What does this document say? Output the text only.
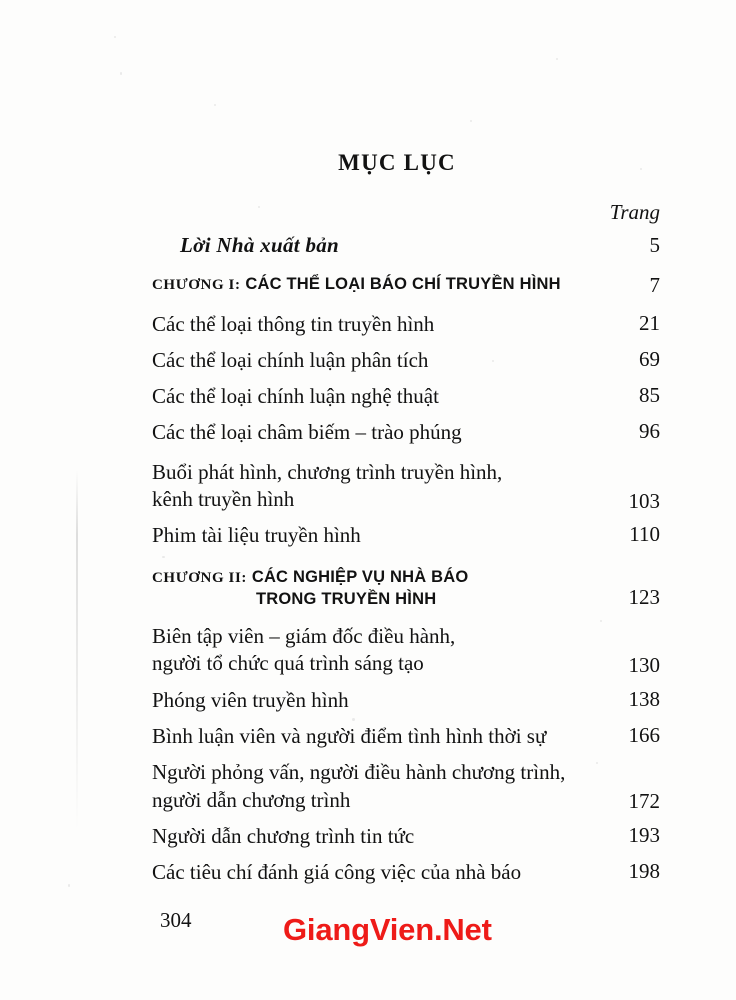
MỤC LỤC
Trang
Lời Nhà xuất bản	5
CHƯƠNG I: CÁC THỂ LOẠI BÁO CHÍ TRUYỀN HÌNH	7
Các thể loại thông tin truyền hình	21
Các thể loại chính luận phân tích	69
Các thể loại chính luận nghệ thuật	85
Các thể loại châm biếm – trào phúng	96
Buổi phát hình, chương trình truyền hình,
kênh truyền hình	103
Phim tài liệu truyền hình	110
CHƯƠNG II: CÁC NGHIỆP VỤ NHÀ BÁO
TRONG TRUYỀN HÌNH	123
Biên tập viên – giám đốc điều hành,
người tổ chức quá trình sáng tạo	130
Phóng viên truyền hình	138
Bình luận viên và người điểm tình hình thời sự	166
Người phỏng vấn, người điều hành chương trình,
người dẫn chương trình	172
Người dẫn chương trình tin tức	193
Các tiêu chí đánh giá công việc của nhà báo	198
304	GiangVien.Net
